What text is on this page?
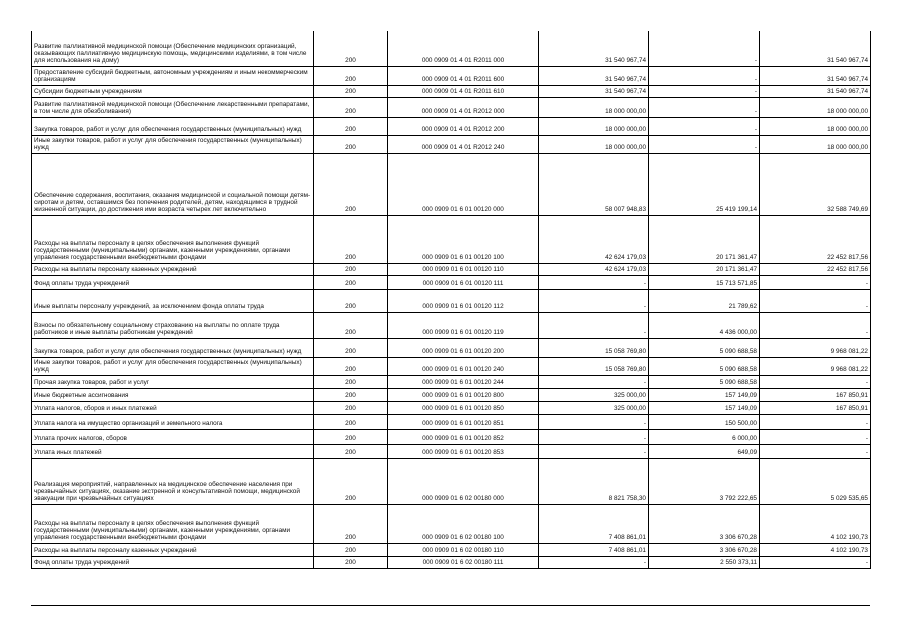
Развитие паллиативной медицинской помощи (Обеспечение медицинских организаций, оказывающих паллиативную медицинскую помощь, медицинскими изделиями, в том числе для использования на дому)	200	000 0909 01 4 01 R2011 000	31 540 967,74	-	31 540 967,74
Предоставление субсидий бюджетным, автономным учреждениям и иным некоммерческим организациям	200	000 0909 01 4 01 R2011 600	31 540 967,74	-	31 540 967,74
Субсидии бюджетным учреждениям	200	000 0909 01 4 01 R2011 610	31 540 967,74	-	31 540 967,74
Развитие паллиативной медицинской помощи (Обеспечение лекарственными препаратами, в том числе для обезболивания)	200	000 0909 01 4 01 R2012 000	18 000 000,00	-	18 000 000,00
Закупка товаров, работ и услуг для обеспечения государственных (муниципальных) нужд	200	000 0909 01 4 01 R2012 200	18 000 000,00	-	18 000 000,00
Иные закупки товаров, работ и услуг для обеспечения государственных (муниципальных) нужд	200	000 0909 01 4 01 R2012 240	18 000 000,00	-	18 000 000,00
Обеспечение содержания, воспитания, оказания медицинской и социальной помощи детям-сиротам и детям, оставшимся без попечения родителей, детям, находящимся в трудной жизненной ситуации, до достижения ими возраста четырех лет включительно	200	000 0909 01 6 01 00120 000	58 007 948,83	25 419 199,14	32 588 749,69
Расходы на выплаты персоналу в целях обеспечения выполнения функций государственными (муниципальными) органами, казенными учреждениями, органами управления государственными внебюджетными фондами	200	000 0909 01 6 01 00120 100	42 624 179,03	20 171 361,47	22 452 817,56
Расходы на выплаты персоналу казенных учреждений	200	000 0909 01 6 01 00120 110	42 624 179,03	20 171 361,47	22 452 817,56
Фонд оплаты труда учреждений	200	000 0909 01 6 01 00120 111	-	15 713 571,85	-
Иные выплаты персоналу учреждений, за исключением фонда оплаты труда	200	000 0909 01 6 01 00120 112	-	21 789,62	-
Взносы по обязательному социальному страхованию на выплаты по оплате труда работников и иные выплаты работникам учреждений	200	000 0909 01 6 01 00120 119	-	4 436 000,00	-
Закупка товаров, работ и услуг для обеспечения государственных (муниципальных) нужд	200	000 0909 01 6 01 00120 200	15 058 769,80	5 090 688,58	9 968 081,22
Иные закупки товаров, работ и услуг для обеспечения государственных (муниципальных) нужд	200	000 0909 01 6 01 00120 240	15 058 769,80	5 090 688,58	9 968 081,22
Прочая закупка товаров, работ и услуг	200	000 0909 01 6 01 00120 244	-	5 090 688,58	-
Иные бюджетные ассигнования	200	000 0909 01 6 01 00120 800	325 000,00	157 149,09	167 850,91
Уплата налогов, сборов и иных платежей	200	000 0909 01 6 01 00120 850	325 000,00	157 149,09	167 850,91
Уплата налога на имущество организаций и земельного налога	200	000 0909 01 6 01 00120 851	-	150 500,00	-
Уплата прочих налогов, сборов	200	000 0909 01 6 01 00120 852	-	6 000,00	-
Уплата иных платежей	200	000 0909 01 6 01 00120 853	-	649,09	-
Реализация мероприятий, направленных на медицинское обеспечение населения при чрезвычайных ситуациях, оказание экстренной и консультативной помощи, медицинской эвакуации при чрезвычайных ситуациях	200	000 0909 01 6 02 00180 000	8 821 758,30	3 792 222,65	5 029 535,65
Расходы на выплаты персоналу в целях обеспечения выполнения функций государственными (муниципальными) органами, казенными учреждениями, органами управления государственными внебюджетными фондами	200	000 0909 01 6 02 00180 100	7 408 861,01	3 306 670,28	4 102 190,73
Расходы на выплаты персоналу казенных учреждений	200	000 0909 01 6 02 00180 110	7 408 861,01	3 306 670,28	4 102 190,73
Фонд оплаты труда учреждений	200	000 0909 01 6 02 00180 111	-	2 550 373,11	-
